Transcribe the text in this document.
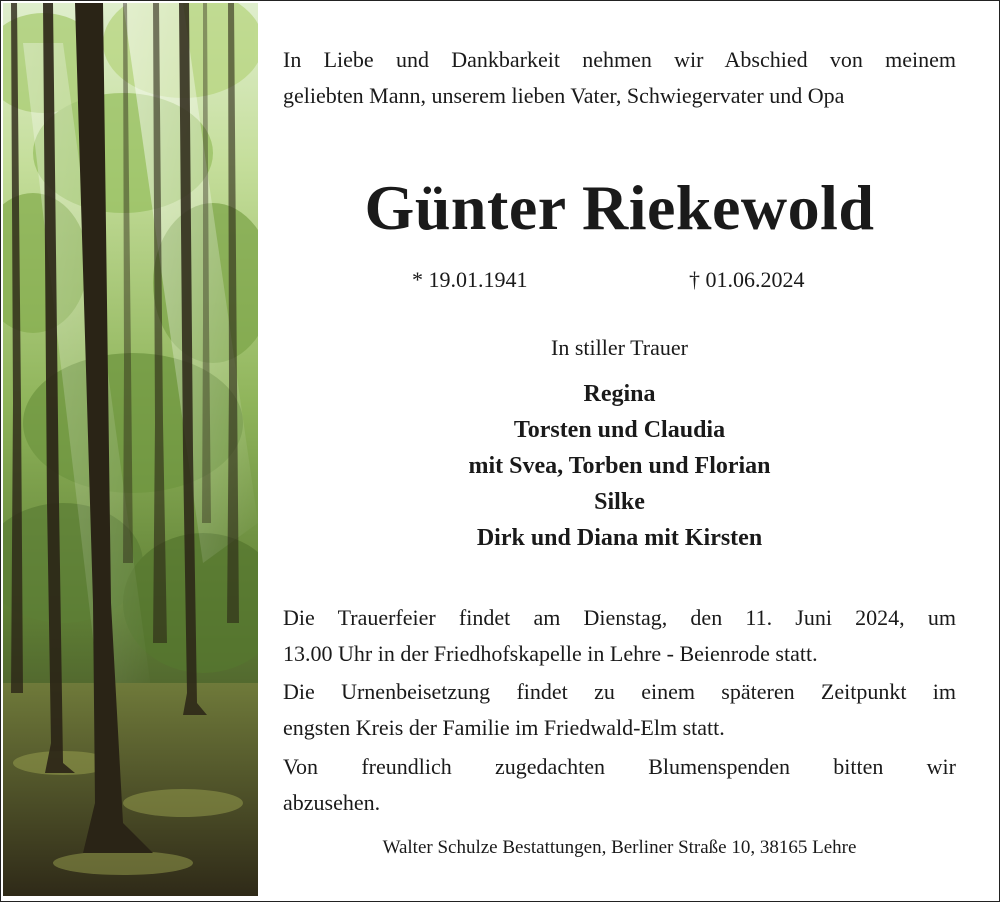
In Liebe und Dankbarkeit nehmen wir Abschied von meinem
geliebten Mann, unserem lieben Vater, Schwiegervater und Opa
Günter Riekewold
* 19.01.1941	† 01.06.2024
In stiller Trauer
Regina
Torsten und Claudia
mit Svea, Torben und Florian
Silke
Dirk und Diana mit Kirsten
Die Trauerfeier findet am Dienstag, den 11. Juni 2024, um
13.00 Uhr in der Friedhofskapelle in Lehre - Beienrode statt.
Die Urnenbeisetzung findet zu einem späteren Zeitpunkt im
engsten Kreis der Familie im Friedwald-Elm statt.
Von freundlich zugedachten Blumenspenden bitten wir
abzusehen.
Walter Schulze Bestattungen, Berliner Straße 10, 38165 Lehre
